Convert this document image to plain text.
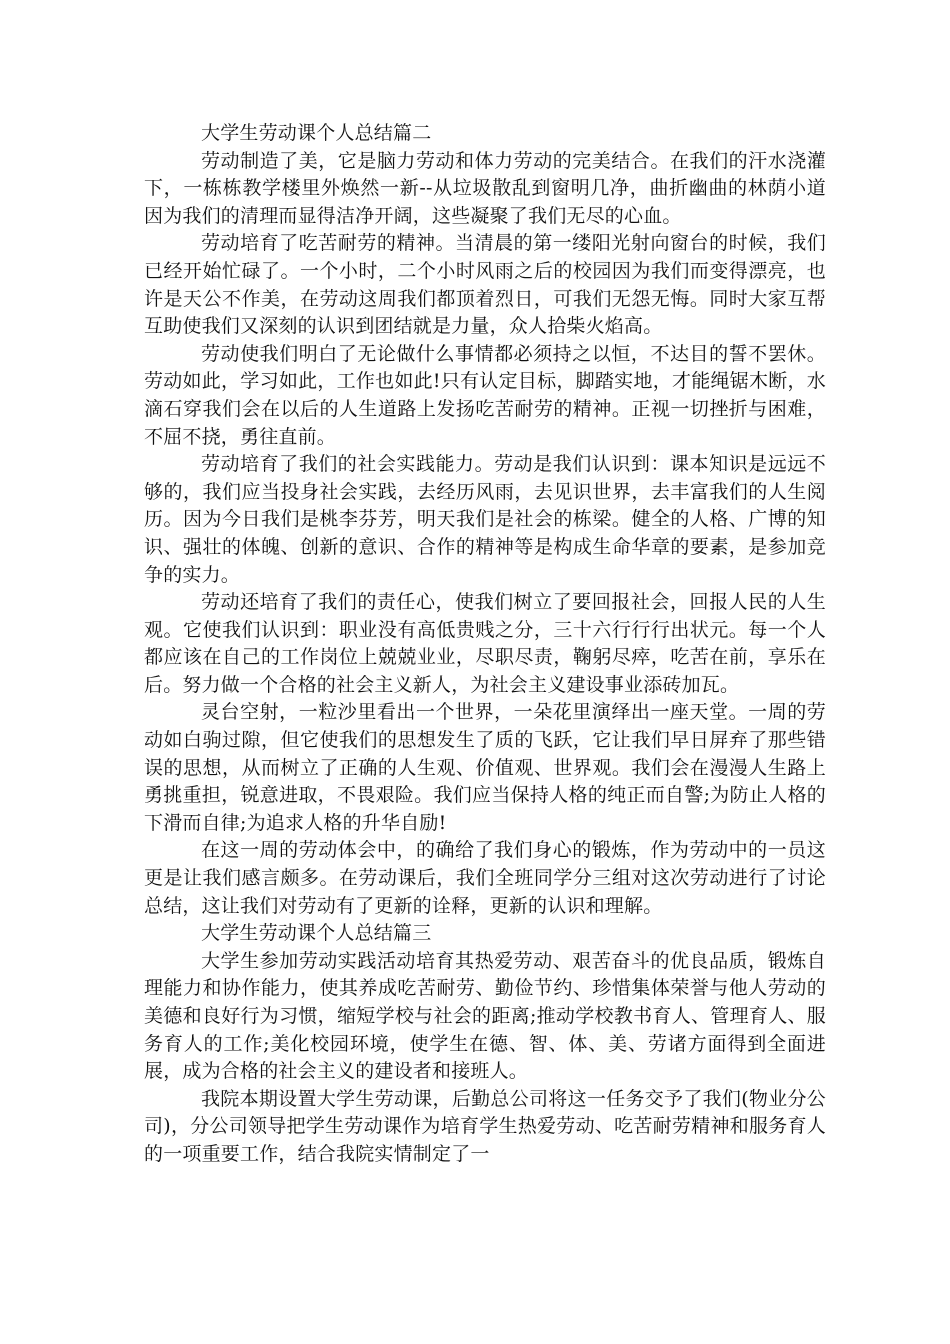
大学生劳动课个人总结篇二

劳动制造了美，它是脑力劳动和体力劳动的完美结合。在我们的汗水浇灌下，一栋栋教学楼里外焕然一新--从垃圾散乱到窗明几净，曲折幽曲的林荫小道因为我们的清理而显得洁净开阔，这些凝聚了我们无尽的心血。

劳动培育了吃苦耐劳的精神。当清晨的第一缕阳光射向窗台的时候，我们已经开始忙碌了。一个小时，二个小时风雨之后的校园因为我们而变得漂亮，也许是天公不作美，在劳动这周我们都顶着烈日，可我们无怨无悔。同时大家互帮互助使我们又深刻的认识到团结就是力量，众人拾柴火焰高。

劳动使我们明白了无论做什么事情都必须持之以恒，不达目的誓不罢休。劳动如此，学习如此，工作也如此!只有认定目标，脚踏实地，才能绳锯木断，水滴石穿我们会在以后的人生道路上发扬吃苦耐劳的精神。正视一切挫折与困难，不屈不挠，勇往直前。

劳动培育了我们的社会实践能力。劳动是我们认识到：课本知识是远远不够的，我们应当投身社会实践，去经历风雨，去见识世界，去丰富我们的人生阅历。因为今日我们是桃李芬芳，明天我们是社会的栋梁。健全的人格、广博的知识、强壮的体魄、创新的意识、合作的精神等是构成生命华章的要素，是参加竞争的实力。

劳动还培育了我们的责任心，使我们树立了要回报社会，回报人民的人生观。它使我们认识到：职业没有高低贵贱之分，三十六行行行出状元。每一个人都应该在自己的工作岗位上兢兢业业，尽职尽责，鞠躬尽瘁，吃苦在前，享乐在后。努力做一个合格的社会主义新人，为社会主义建设事业添砖加瓦。

灵台空射，一粒沙里看出一个世界，一朵花里演绎出一座天堂。一周的劳动如白驹过隙，但它使我们的思想发生了质的飞跃，它让我们早日屏弃了那些错误的思想，从而树立了正确的人生观、价值观、世界观。我们会在漫漫人生路上勇挑重担，锐意进取，不畏艰险。我们应当保持人格的纯正而自警;为防止人格的下滑而自律;为追求人格的升华自励!

在这一周的劳动体会中，的确给了我们身心的锻炼，作为劳动中的一员这更是让我们感言颇多。在劳动课后，我们全班同学分三组对这次劳动进行了讨论总结，这让我们对劳动有了更新的诠释，更新的认识和理解。

大学生劳动课个人总结篇三

大学生参加劳动实践活动培育其热爱劳动、艰苦奋斗的优良品质，锻炼自理能力和协作能力，使其养成吃苦耐劳、勤俭节约、珍惜集体荣誉与他人劳动的美德和良好行为习惯，缩短学校与社会的距离;推动学校教书育人、管理育人、服务育人的工作;美化校园环境，使学生在德、智、体、美、劳诸方面得到全面进展，成为合格的社会主义的建设者和接班人。

我院本期设置大学生劳动课，后勤总公司将这一任务交予了我们(物业分公司)，分公司领导把学生劳动课作为培育学生热爱劳动、吃苦耐劳精神和服务育人的一项重要工作，结合我院实情制定了一
